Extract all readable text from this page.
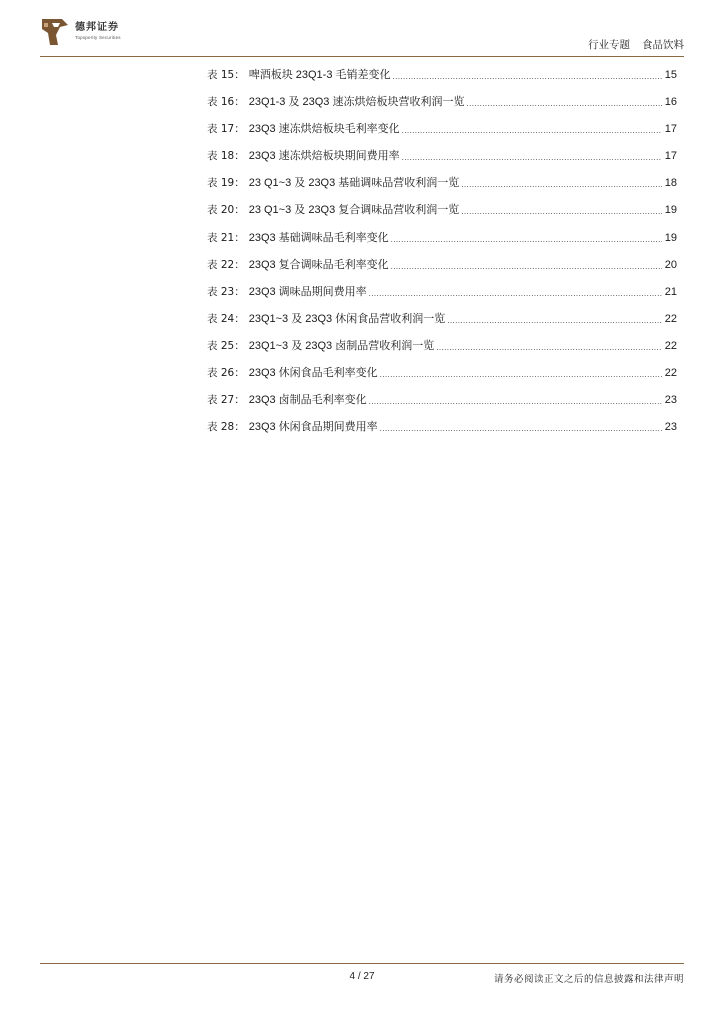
德邦证券
Topsperity Securities
行业专题 食品饮料
表 15 ： 啤酒板块 23Q1-3 毛销差变化 .....	15
表 16 ： 23Q1-3 及 23Q3 速冻烘焙板块营收利润一览 .....	16
表 17 ： 23Q3 速冻烘焙板块毛利率变化 .....	17
表 18 ： 23Q3 速冻烘焙板块期间费用率 .....	17
表 19 ： 23 Q1~3 及 23Q3 基础调味品营收利润一览 .....	18
表 20 ： 23 Q1~3 及 23Q3 复合调味品营收利润一览 .....	19
表 21 ： 23Q3 基础调味品毛利率变化 .....	19
表 22 ： 23Q3 复合调味品毛利率变化 .....	20
表 23 ： 23Q3 调味品期间费用率 .....	21
表 24 ： 23Q1~3 及 23Q3 休闲食品营收利润一览 .....	22
表 25 ： 23Q1~3 及 23Q3 卤制品营收利润一览 .....	22
表 26 ： 23Q3 休闲食品毛利率变化 .....	22
表 27 ： 23Q3 卤制品毛利率变化 .....	23
表 28 ： 23Q3 休闲食品期间费用率 .....	23
4 / 27	请务必阅读正文之后的信息披露和法律声明
